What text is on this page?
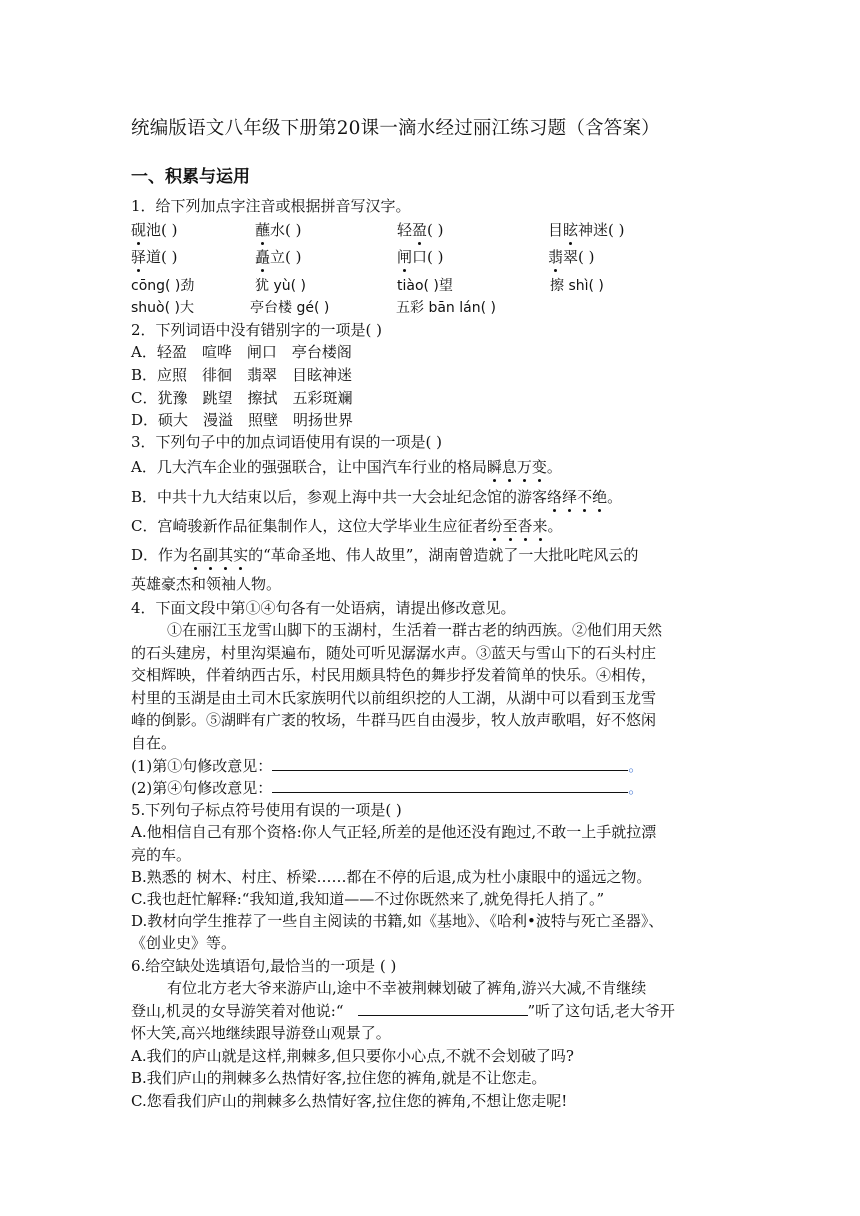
统编版语文八年级下册第20课一滴水经过丽江练习题（含答案）
一、积累与运用
1．给下列加点字注音或根据拼音写汉字。
砚池( )	蘸水( )	轻盈( )	目眩神迷( )
驿道( )	矗立( )	闸口( )	翡翠( )
cōng( )劲	犹 yù( )	tiào( )望	擦 shì( )
shuò( )大	亭台楼 gé( )	五彩 bān lán( )
2．下列词语中没有错别字的一项是( )
A．轻盈　喧哗　闸口　亭台楼阁
B．应照　徘徊　翡翠　目眩神迷
C．犹豫　跳望　擦拭　五彩斑斓
D．硕大　漫溢　照壁　明扬世界
3．下列句子中的加点词语使用有误的一项是( )
A．几大汽车企业的强强联合，让中国汽车行业的格局瞬息万变。
B．中共十九大结束以后，参观上海中共一大会址纪念馆的游客络绎不绝。
C．宫崎骏新作品征集制作人，这位大学毕业生应征者纷至沓来。
D．作为名副其实的“革命圣地、伟人故里”，湖南曾造就了一大批叱咤风云的
英雄豪杰和领袖人物。
4．下面文段中第①④句各有一处语病，请提出修改意见。
①在丽江玉龙雪山脚下的玉湖村，生活着一群古老的纳西族。②他们用天然
的石头建房，村里沟渠遍布，随处可听见潺潺水声。③蓝天与雪山下的石头村庄
交相辉映，伴着纳西古乐，村民用颇具特色的舞步抒发着简单的快乐。④相传，
村里的玉湖是由土司木氏家族明代以前组织挖的人工湖，从湖中可以看到玉龙雪
峰的倒影。⑤湖畔有广袤的牧场，牛群马匹自由漫步，牧人放声歌唱，好不悠闲
自在。
(1)第①句修改意见：	。
(2)第④句修改意见：	。
5.下列句子标点符号使用有误的一项是( )
A.他相信自己有那个资格:你人气正轻,所差的是他还没有跑过,不敢一上手就拉漂
亮的车。
B.熟悉的 树木、村庄、桥梁……都在不停的后退,成为杜小康眼中的遥远之物。
C.我也赶忙解释:“我知道,我知道——不过你既然来了,就免得托人捎了。”
D.教材向学生推荐了一些自主阅读的书籍,如《基地》、《哈利•波特与死亡圣器》、
《创业史》等。
6.给空缺处选填语句,最恰当的一项是 ( )
有位北方老大爷来游庐山,途中不幸被荆棘划破了裤角,游兴大减,不肯继续
登山,机灵的女导游笑着对他说:“	”听了这句话,老大爷开
怀大笑,高兴地继续跟导游登山观景了。
A.我们的庐山就是这样,荆棘多,但只要你小心点,不就不会划破了吗?
B.我们庐山的荆棘多么热情好客,拉住您的裤角,就是不让您走。
C.您看我们庐山的荆棘多么热情好客,拉住您的裤角,不想让您走呢!
